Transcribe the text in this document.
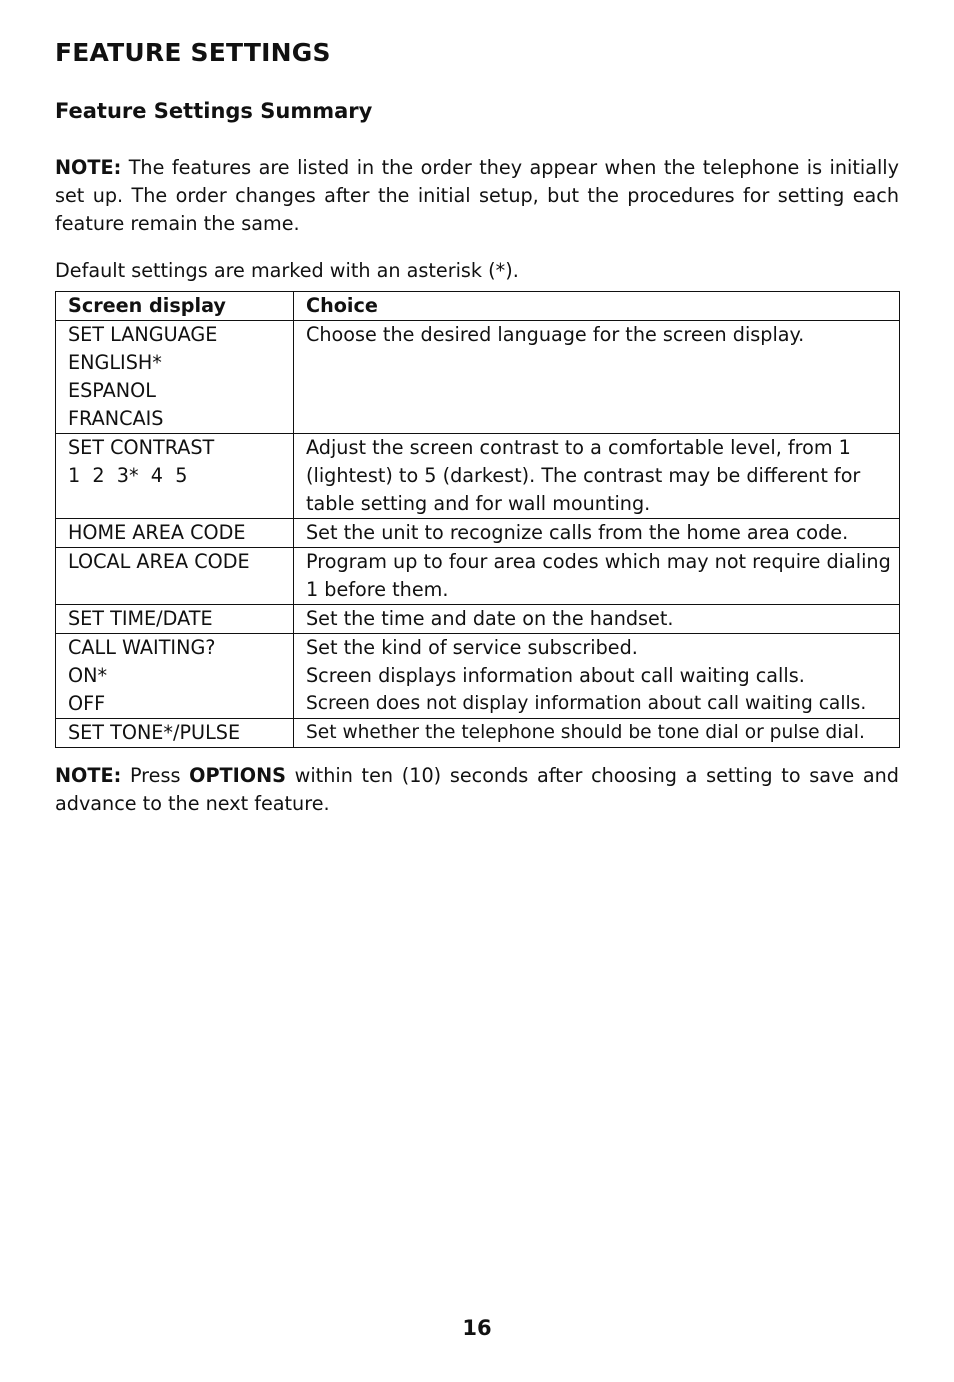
FEATURE SETTINGS
Feature Settings Summary

NOTE: The features are listed in the order they appear when the telephone is initially set up. The order changes after the initial setup, but the procedures for setting each feature remain the same.

Default settings are marked with an asterisk (*).

Screen display	Choice

SET LANGUAGE
ENGLISH*
ESPANOL
FRANCAIS	Choose the desired language for the screen display.

SET CONTRAST
1  2  3*  4  5	Adjust the screen contrast to a comfortable level, from 1 (lightest) to 5 (darkest). The contrast may be different for table setting and for wall mounting.

HOME AREA CODE	Set the unit to recognize calls from the home area code.

LOCAL AREA CODE	Program up to four area codes which may not require dialing 1 before them.

SET TIME/DATE	Set the time and date on the handset.

CALL WAITING?
ON*
OFF	Set the kind of service subscribed.
Screen displays information about call waiting calls.
Screen does not display information about call waiting calls.

SET TONE*/PULSE	Set whether the telephone should be tone dial or pulse dial.

NOTE: Press OPTIONS within ten (10) seconds after choosing a setting to save and advance to the next feature.

16
